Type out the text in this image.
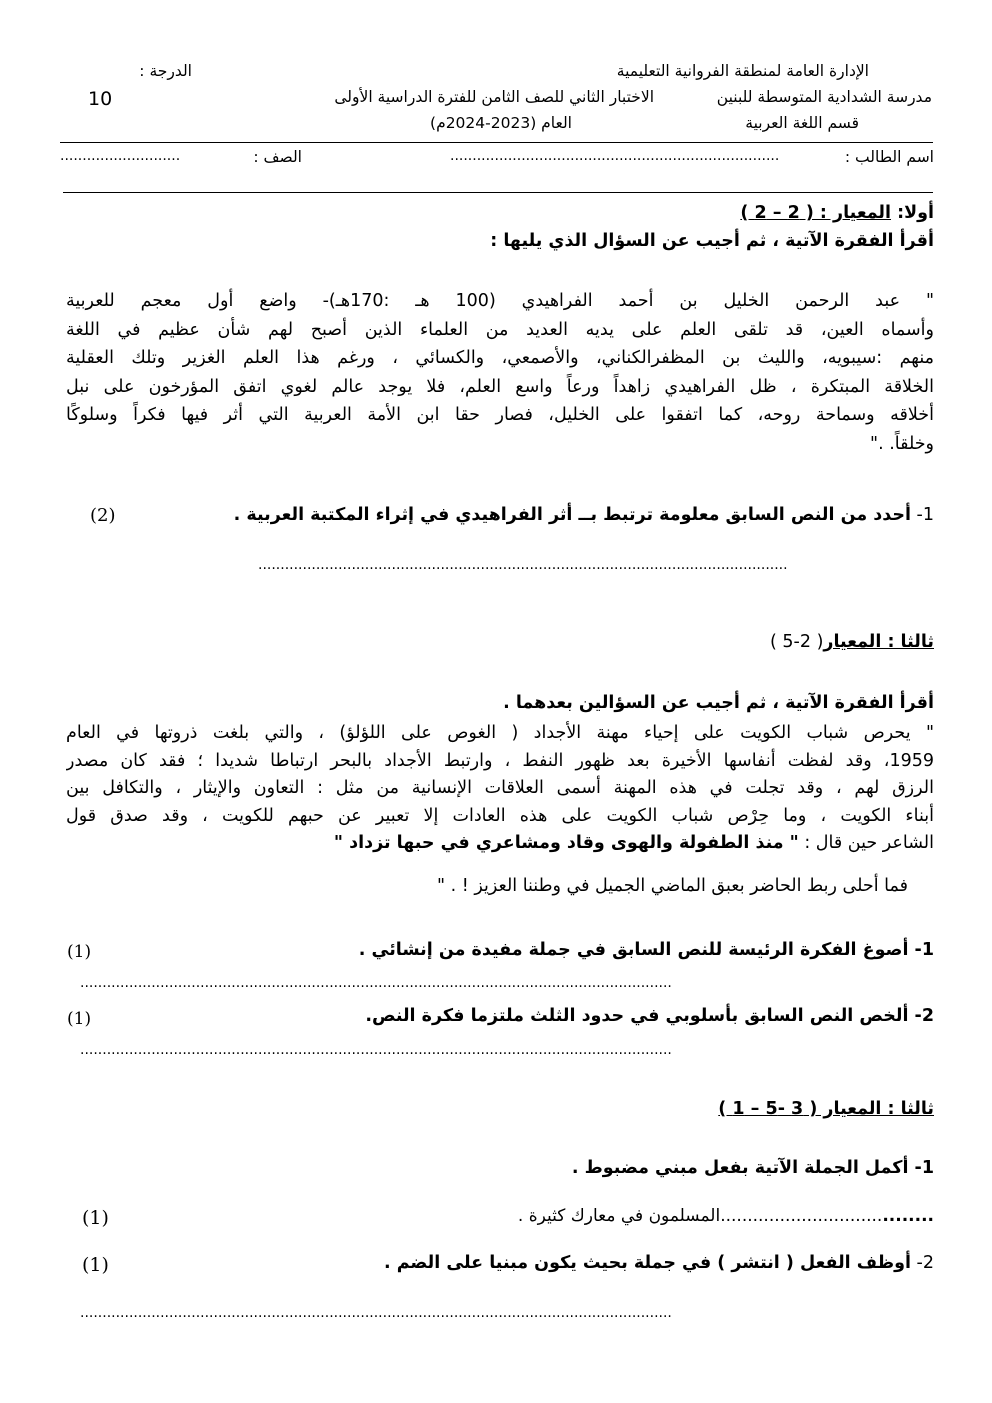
الإدارة العامة لمنطقة الفروانية التعليمية
مدرسة الشدادية المتوسطة للبنين
قسم اللغة العربية
الاختبار الثاني للصف الثامن للفترة الدراسية الأولى
العام (2023-2024م)
الدرجة :
10
اسم الطالب :
..........................................................................
الصف :
...........................
أولا: المعيار : ( 2 – 2 )
أقرأ الفقرة الآتية ، ثم أجيب عن السؤال الذي يليها :
" عبد الرحمن الخليل بن أحمد الفراهيدي (100 هـ :170هـ)- واضع أول معجم للعربية
وأسماه العين، قد تلقى العلم على يديه العديد من العلماء الذين أصبح لهم شأن عظيم في اللغة
منهم :سيبويه، والليث بن المظفرالكناني، والأصمعي، والكسائي ، ورغم هذا العلم الغزير وتلك العقلية
الخلاقة المبتكرة ، ظل الفراهيدي زاهداً ورعاً واسع العلم، فلا يوجد عالم لغوي اتفق المؤرخون على نبل
أخلاقه وسماحة روحه، كما اتفقوا على الخليل، فصار حقا ابن الأمة العربية التي أثر فيها فكراً وسلوكًا
وخلقاً. ."
1- أحدد من النص السابق معلومة ترتبط بــ أثر الفراهيدي في إثراء المكتبة العربية .
(2)
.......................................................................................................................
ثالثا : المعيار( 2-5 )
أقرأ الفقرة الآتية ، ثم أجيب عن السؤالين بعدهما .
" يحرص شباب الكويت على إحياء مهنة الأجداد ( الغوص على اللؤلؤ) ، والتي بلغت ذروتها في العام
1959، وقد لفظت أنفاسها الأخيرة بعد ظهور النفط ، وارتبط الأجداد بالبحر ارتباطا شديدا ؛ فقد كان مصدر
الرزق لهم ، وقد تجلت في هذه المهنة أسمى العلاقات الإنسانية من مثل : التعاون والإيثار ، والتكافل بين
أبناء الكويت ، وما حِرْص شباب الكويت على هذه العادات إلا تعبير عن حبهم للكويت ، وقد صدق قول
الشاعر حين قال : " منذ الطفولة والهوى وقاد ومشاعري في حبها تزداد "
فما أحلى ربط الحاضر بعبق الماضي الجميل في وطننا العزيز ! . "
1- أصوغ الفكرة الرئيسة للنص السابق في جملة مفيدة من إنشائي .
(1)
.....................................................................................................................................
2- ألخص النص السابق بأسلوبي في حدود الثلث ملتزما فكرة النص.
(1)
.....................................................................................................................................
ثالثا : المعيار ( 3 -5 – 1 )
1- أكمل الجملة الآتية بفعل مبني مضبوط .
......................................المسلمون في معارك كثيرة .
(1)
2- أوظف الفعل ( انتشر ) في جملة بحيث يكون مبنيا على الضم .
(1)
.....................................................................................................................................
